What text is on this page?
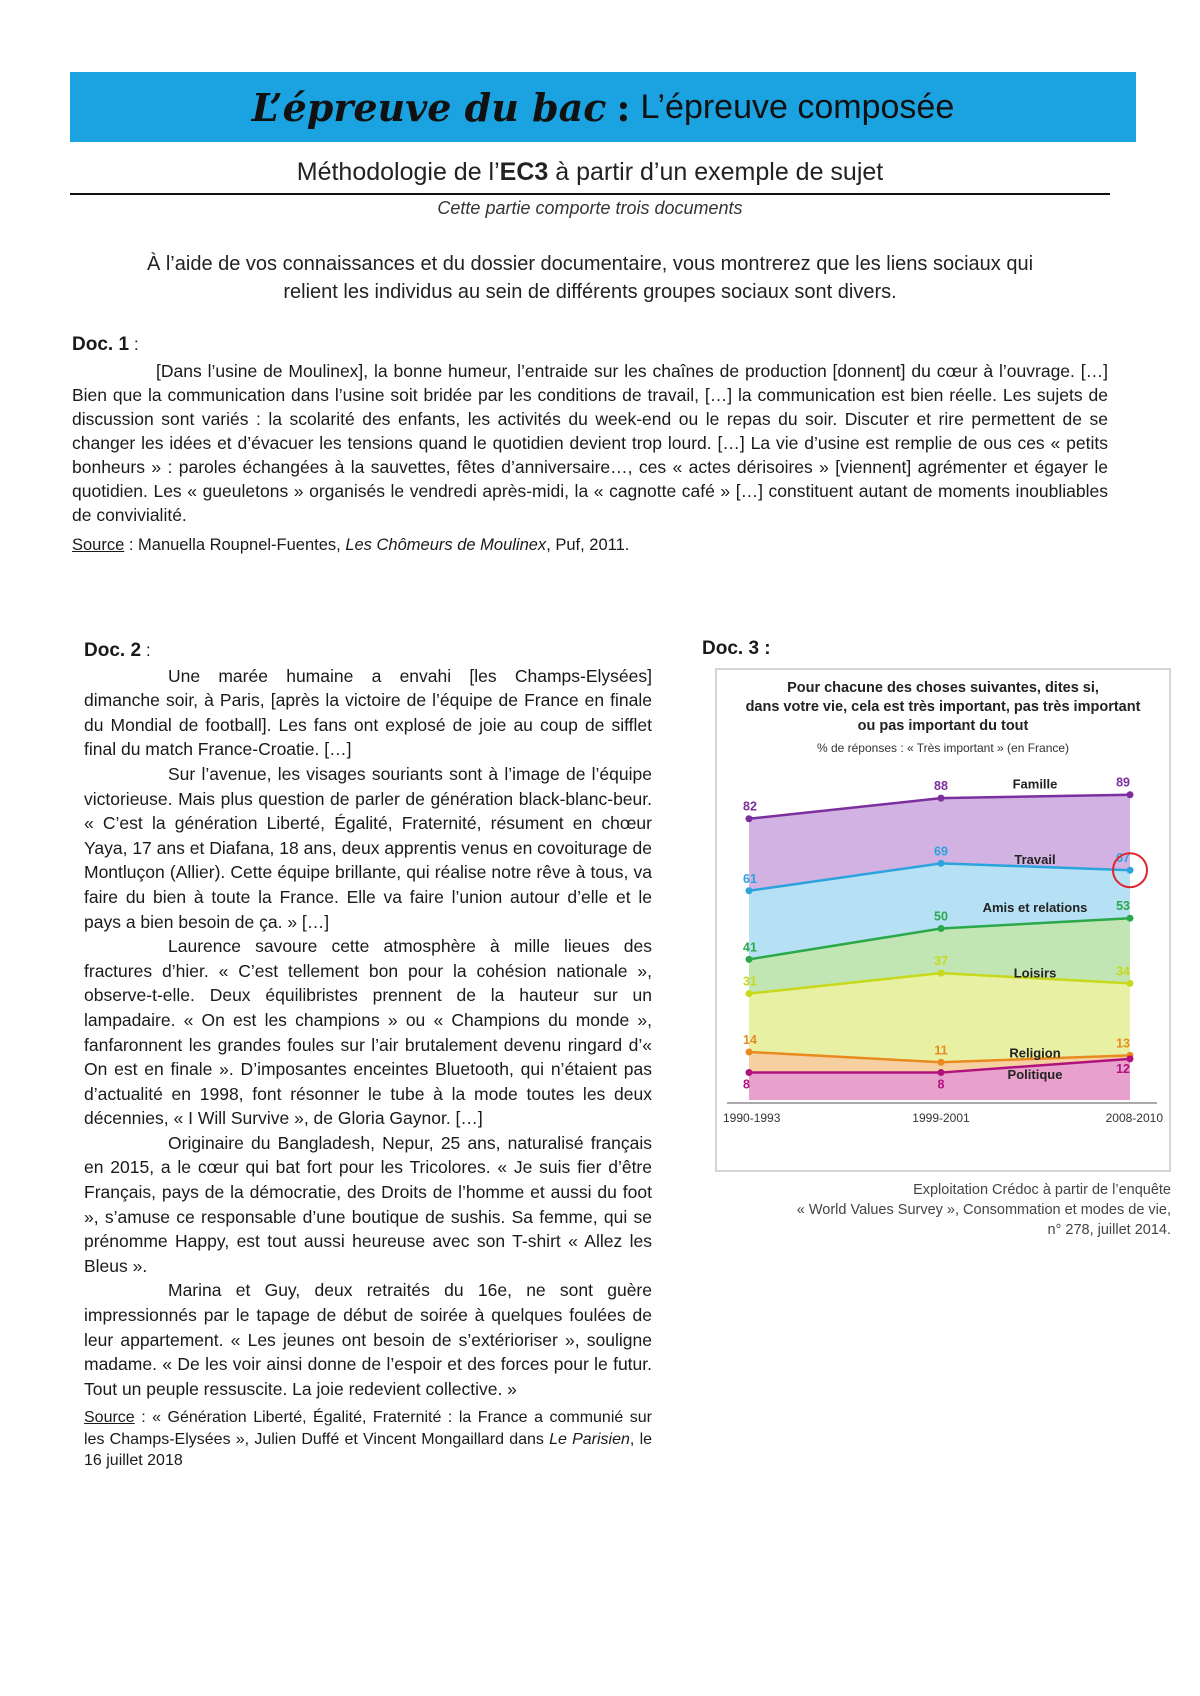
L’épreuve du bac : L’épreuve composée
Méthodologie de l’EC3 à partir d’un exemple de sujet
Cette partie comporte trois documents
À l’aide de vos connaissances et du dossier documentaire, vous montrerez que les liens sociaux qui
relient les individus au sein de différents groupes sociaux sont divers.
Doc. 1 :
[Dans l’usine de Moulinex], la bonne humeur, l’entraide sur les chaînes de production [donnent] du cœur à l’ouvrage. […] Bien que la communication dans l’usine soit bridée par les conditions de travail, […] la communication est bien réelle. Les sujets de discussion sont variés : la scolarité des enfants, les activités du week-end ou le repas du soir. Discuter et rire permettent de se changer les idées et d’évacuer les tensions quand le quotidien devient trop lourd. […] La vie d’usine est remplie de ous ces « petits bonheurs » : paroles échangées à la sauvettes, fêtes d’anniversaire…, ces « actes dérisoires » [viennent] agrémenter et égayer le quotidien. Les « gueuletons » organisés le vendredi après-midi, la « cagnotte café » […] constituent autant de moments inoubliables de convivialité.
Source : Manuella Roupnel-Fuentes, Les Chômeurs de Moulinex, Puf, 2011.
Doc. 2 :

Une marée humaine a envahi [les Champs-Elysées] dimanche soir, à Paris, [après la victoire de l’équipe de France en finale du Mondial de football]. Les fans ont explosé de joie au coup de sifflet final du match France-Croatie. […]

Sur l’avenue, les visages souriants sont à l’image de l’équipe victorieuse. Mais plus question de parler de génération black-blanc-beur. « C’est la génération Liberté, Égalité, Fraternité, résument en chœur Yaya, 17 ans et Diafana, 18 ans, deux apprentis venus en covoiturage de Montluçon (Allier). Cette équipe brillante, qui réalise notre rêve à tous, va faire du bien à toute la France. Elle va faire l’union autour d’elle et le pays a bien besoin de ça. » […]

Laurence savoure cette atmosphère à mille lieues des fractures d’hier. « C’est tellement bon pour la cohésion nationale », observe-t-elle. Deux équilibristes prennent de la hauteur sur un lampadaire. « On est les champions » ou « Champions du monde », fanfaronnent les grandes foules sur l’air brutalement devenu ringard d’« On est en finale ». D’imposantes enceintes Bluetooth, qui n’étaient pas d’actualité en 1998, font résonner le tube à la mode toutes les deux décennies, « I Will Survive », de Gloria Gaynor. […]

Originaire du Bangladesh, Nepur, 25 ans, naturalisé français en 2015, a le cœur qui bat fort pour les Tricolores. « Je suis fier d’être Français, pays de la démocratie, des Droits de l’homme et aussi du foot », s’amuse ce responsable d’une boutique de sushis. Sa femme, qui se prénomme Happy, est tout aussi heureuse avec son T-shirt « Allez les Bleus ».

Marina et Guy, deux retraités du 16e, ne sont guère impressionnés par le tapage de début de soirée à quelques foulées de leur appartement. « Les jeunes ont besoin de s’extérioriser », souligne madame. « De les voir ainsi donne de l’espoir et des forces pour le futur. Tout un peuple ressuscite. La joie redevient collective. »

Source : « Génération Liberté, Égalité, Fraternité : la France a communié sur les Champs-Elysées », Julien Duffé et Vincent Mongaillard dans Le Parisien, le 16 juillet 2018
Doc. 3 :
Pour chacune des choses suivantes, dites si,
dans votre vie, cela est très important, pas très important
ou pas important du tout
% de réponses : « Très important » (en France)
82
88	89
Famille
61
69	67
Travail
41
50
53
Amis et relations
31
37
34
Loisirs
14
11	13
Religion
8	8
12
Politique
1990-1993	1999-2001	2008-2010
Exploitation Crédoc à partir de l’enquête
« World Values Survey », Consommation et modes de vie,
n° 278, juillet 2014.
